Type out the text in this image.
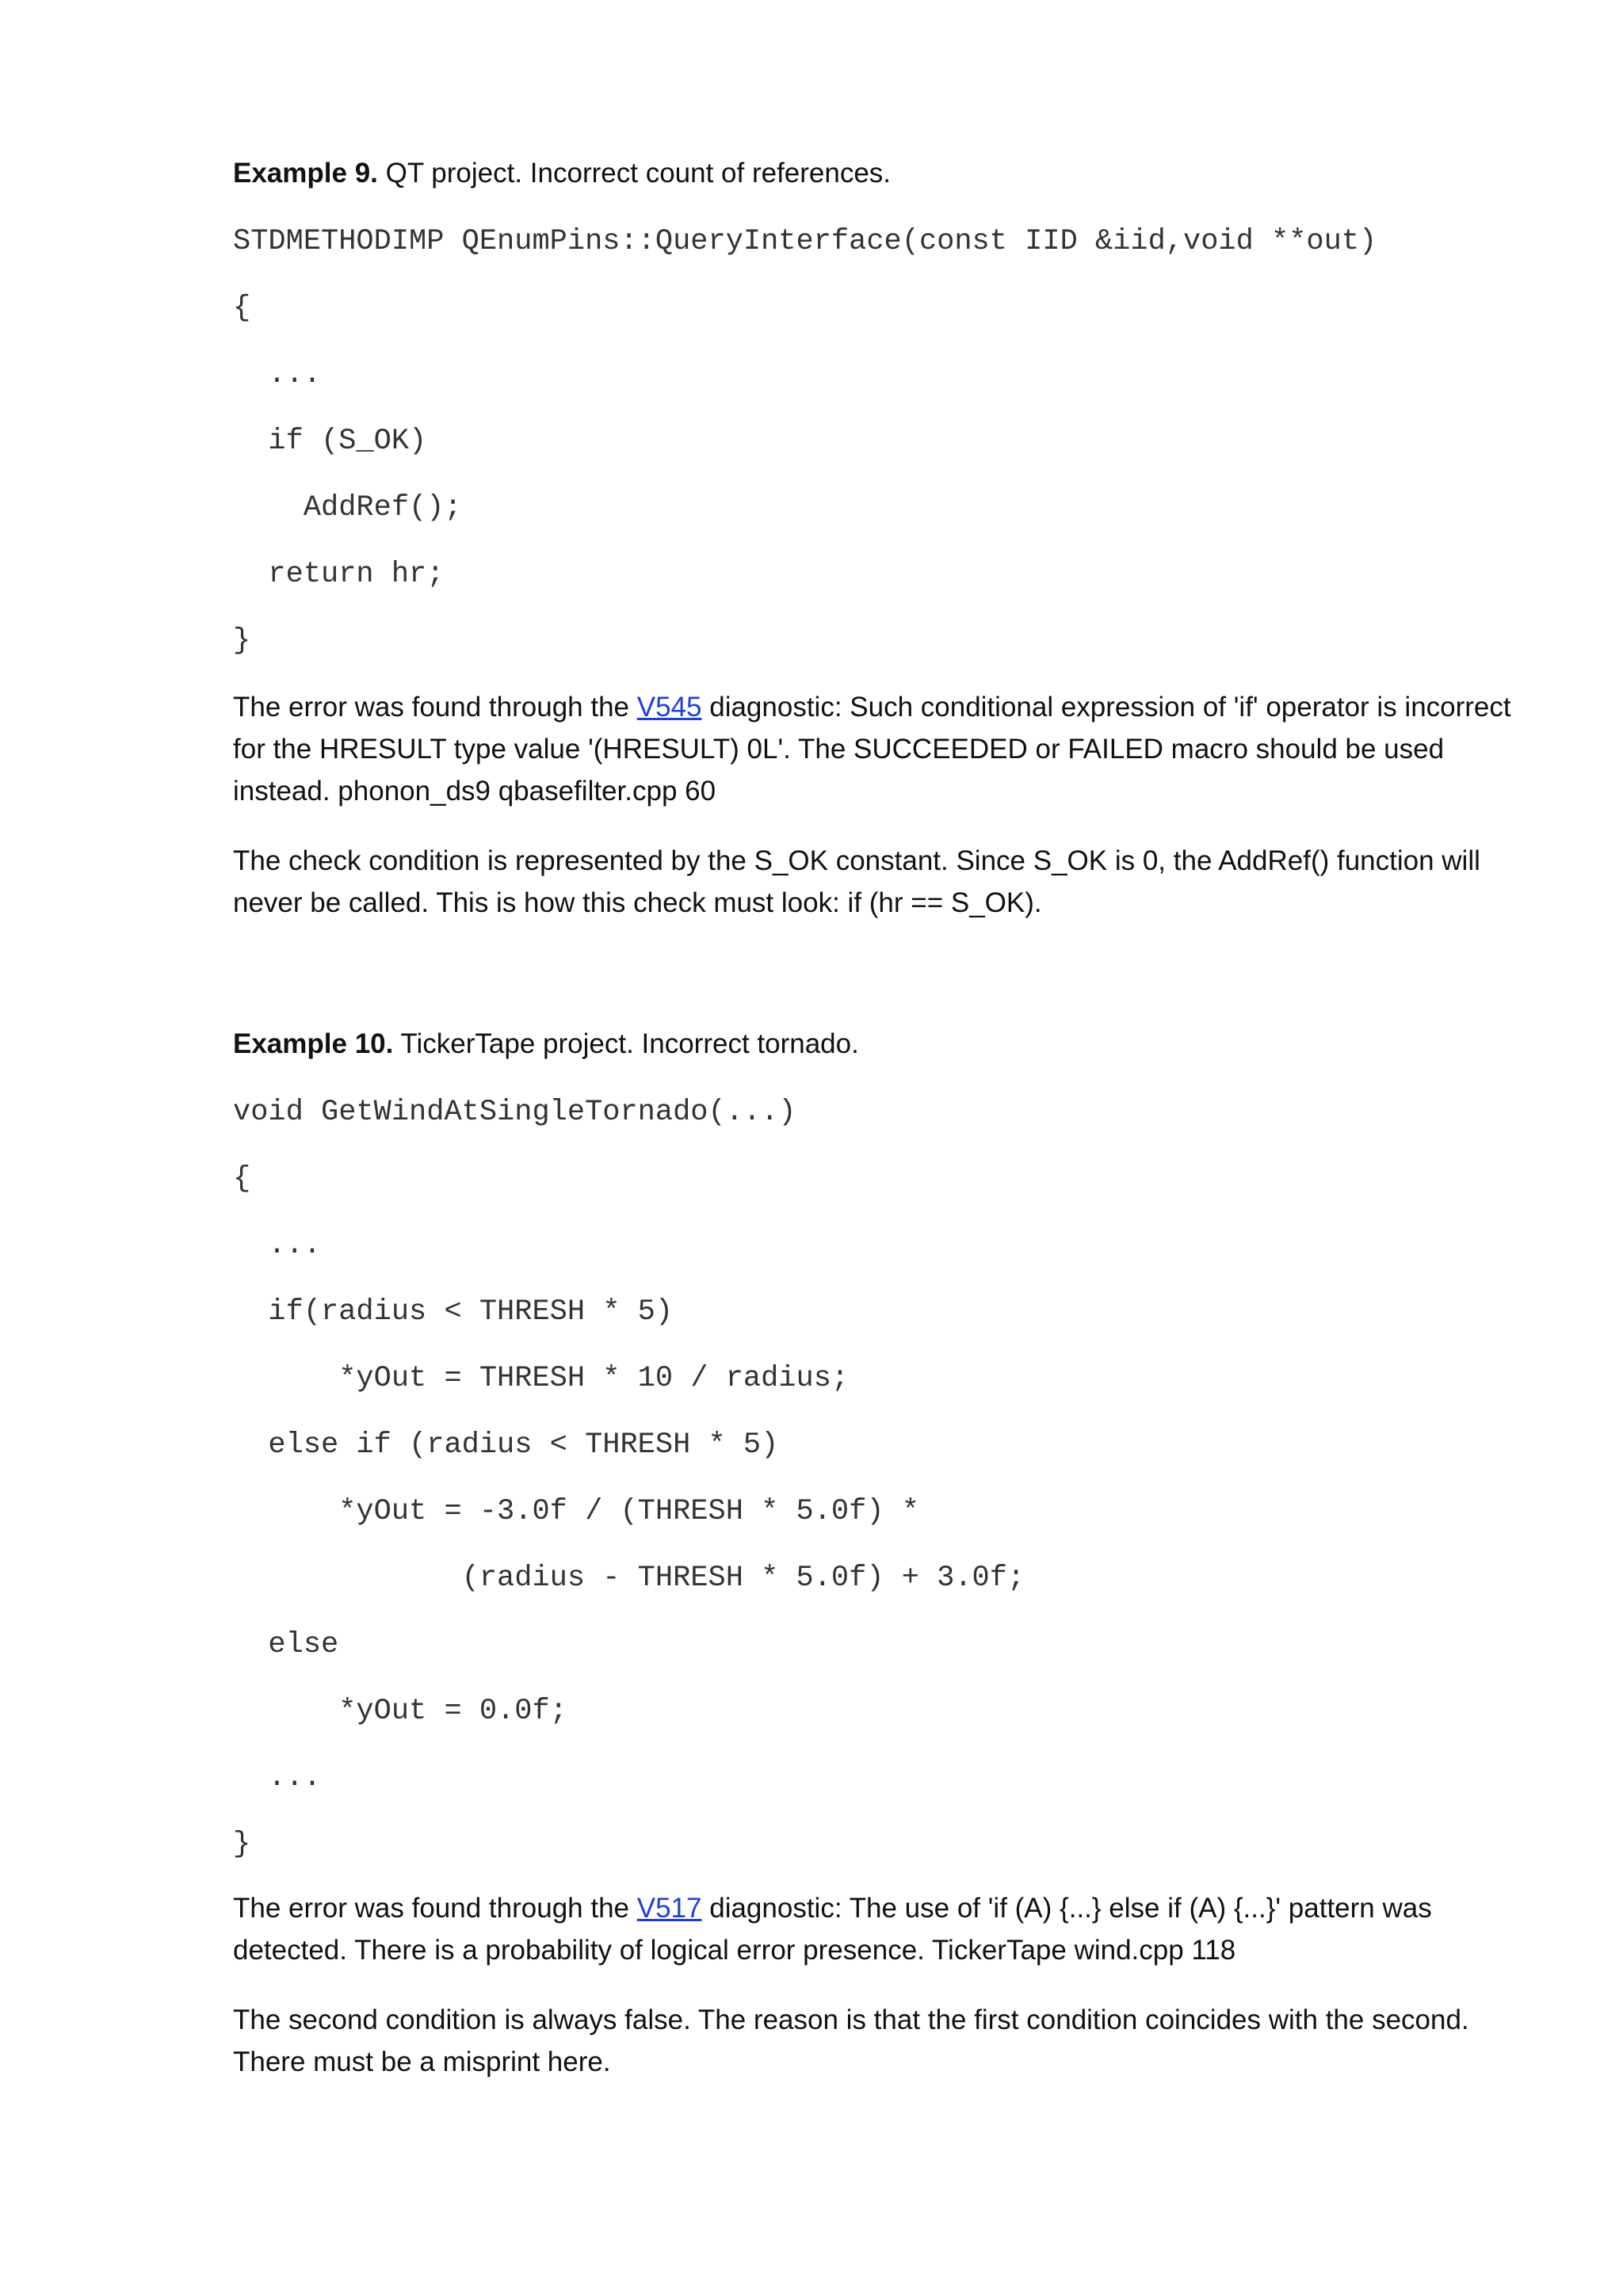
Example 9. QT project. Incorrect count of references.

STDMETHODIMP QEnumPins::QueryInterface(const IID &iid,void **out)
{
...
if (S_OK)
AddRef();
return hr;
}

The error was found through the V545 diagnostic: Such conditional expression of 'if' operator is incorrect for the HRESULT type value '(HRESULT) 0L'. The SUCCEEDED or FAILED macro should be used instead. phonon_ds9 qbasefilter.cpp 60

The check condition is represented by the S_OK constant. Since S_OK is 0, the AddRef() function will never be called. This is how this check must look: if (hr == S_OK).

Example 10. TickerTape project. Incorrect tornado.

void GetWindAtSingleTornado(...)
{
...
if(radius < THRESH * 5)
*yOut = THRESH * 10 / radius;
else if (radius < THRESH * 5)
*yOut = -3.0f / (THRESH * 5.0f) *
(radius - THRESH * 5.0f) + 3.0f;
else
*yOut = 0.0f;
...
}

The error was found through the V517 diagnostic: The use of 'if (A) {...} else if (A) {...}' pattern was detected. There is a probability of logical error presence. TickerTape wind.cpp 118

The second condition is always false. The reason is that the first condition coincides with the second. There must be a misprint here.
